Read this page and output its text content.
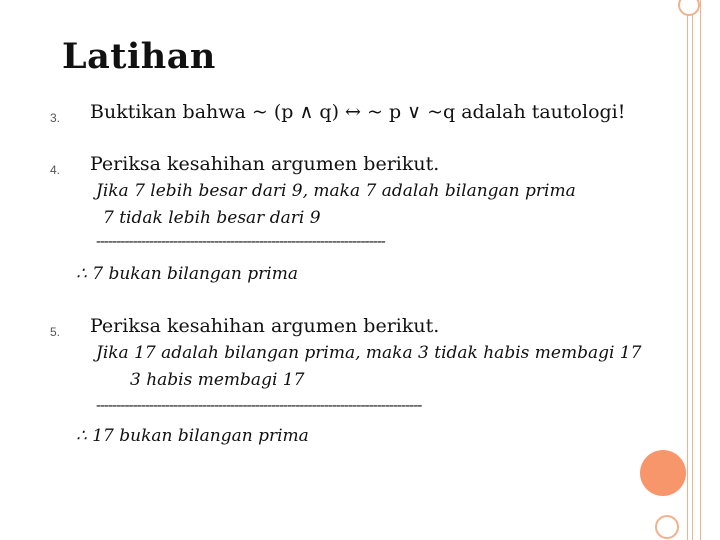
Latihan
3. Buktikan bahwa ~ (p ∧ q) ↔ ~ p ∨ ~q adalah tautologi!
4. Periksa kesahihan argumen berikut.
Jika 7 lebih besar dari 9, maka 7 adalah bilangan prima
7 tidak lebih besar dari 9
-----------------------------------------------------------------------
∴ 7 bukan bilangan prima
5. Periksa kesahihan argumen berikut.
Jika 17 adalah bilangan prima, maka 3 tidak habis membagi 17
3 habis membagi 17
--------------------------------------------------------------------------------
∴ 17 bukan bilangan prima
